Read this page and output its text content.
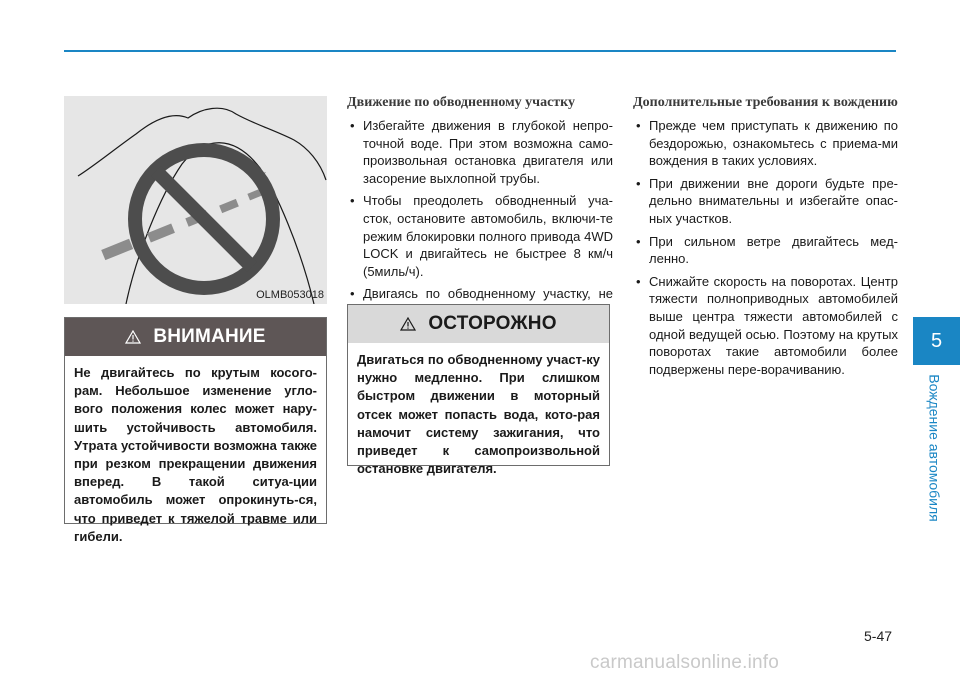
OLMB053018
ВНИМАНИЕ
Не двигайтесь по крутым косого-рам. Небольшое изменение угло-вого положения колес может нару-шить устойчивость автомобиля. Утрата устойчивости возможна также при резком прекращении движения вперед. В такой ситуа-ции автомобиль может опрокинуть-ся, что приведет к тяжелой травме или гибели.
Движение по обводненному участку
• Избегайте движения в глубокой непро-точной воде. При этом возможна само-произвольная остановка двигателя или засорение выхлопной трубы.
• Чтобы преодолеть обводненный уча-сток, остановите автомобиль, включи-те режим блокировки полного привода 4WD LOCK и двигайтесь не быстрее 8 км/ч (5миль/ч).
• Двигаясь по обводненному участку, не
ОСТОРОЖНО
Двигаться по обводненному участ-ку нужно медленно. При слишком быстром движении в моторный отсек может попасть вода, кото-рая намочит систему зажигания, что приведет к самопроизвольной остановке двигателя.
Дополнительные требования к вождению
• Прежде чем приступать к движению по бездорожью, ознакомьтесь с приема-ми вождения в таких условиях.
• При движении вне дороги будьте пре-дельно внимательны и избегайте опас-ных участков.
• При сильном ветре двигайтесь мед-ленно.
• Снижайте скорость на поворотах. Центр тяжести полноприводных автомобилей выше центра тяжести автомобилей с одной ведущей осью. Поэтому на крутых поворотах такие автомобили более подвержены пере-ворачиванию.
5
Вождение автомобиля
5-47
carmanualsonline.info
